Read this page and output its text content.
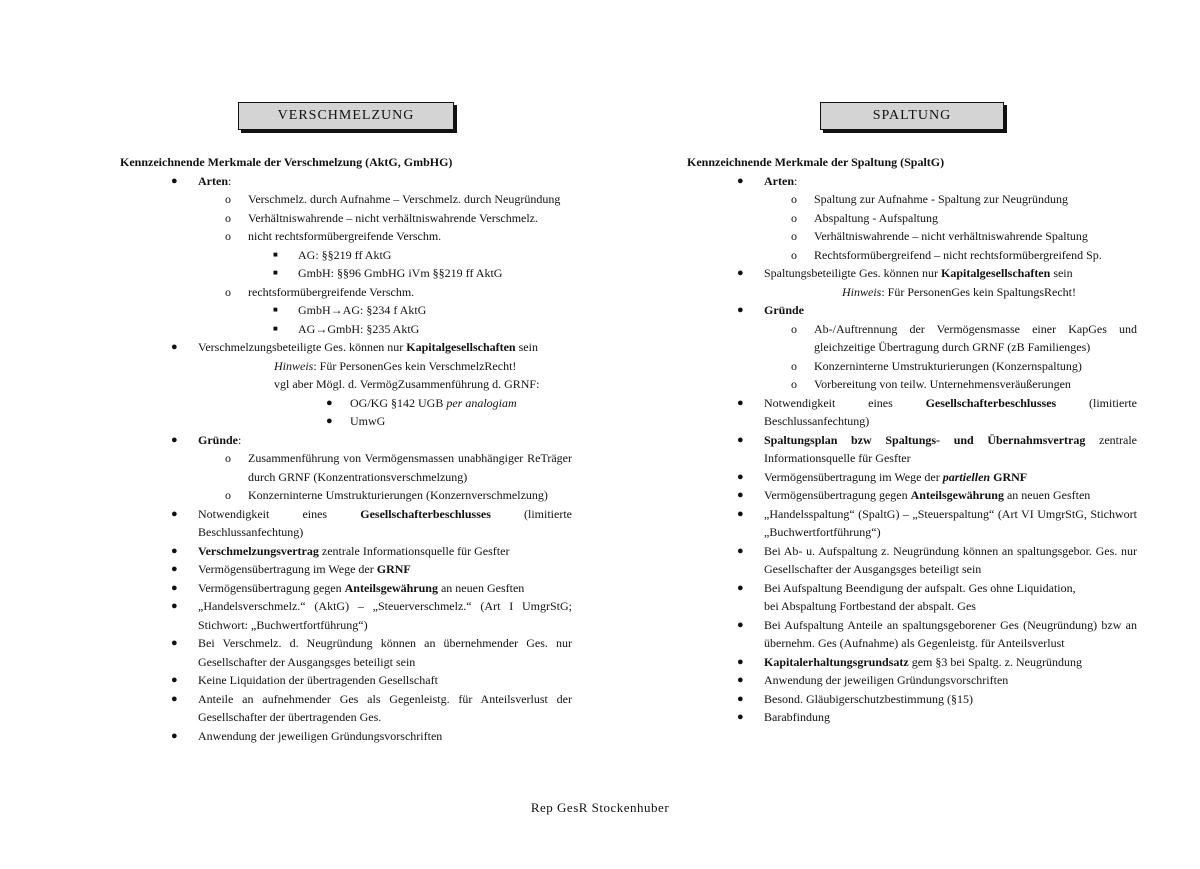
VERSCHMELZUNG	SPALTUNG
Kennzeichnende Merkmale der Verschmelzung (AktG, GmbHG)
● Arten:
o Verschmelz. durch Aufnahme – Verschmelz. durch Neugründung
o Verhältniswahrende – nicht verhältniswahrende Verschmelz.
o nicht rechtsformübergreifende Verschm.
■ AG: §§219 ff AktG
■ GmbH: §§96 GmbHG iVm §§219 ff AktG
o rechtsformübergreifende Verschm.
■ GmbH→AG: §234 f AktG
■ AG→GmbH: §235 AktG
● Verschmelzungsbeteiligte Ges. können nur Kapitalgesellschaften sein
Hinweis: Für PersonenGes kein VerschmelzRecht!
vgl aber Mögl. d. VermögZusammenführung d. GRNF:
● OG/KG §142 UGB per analogiam
● UmwG
● Gründe:
o Zusammenführung von Vermögensmassen unabhängiger ReTräger durch GRNF (Konzentrationsverschmelzung)
o Konzerninterne Umstrukturierungen (Konzernverschmelzung)
● Notwendigkeit eines Gesellschafterbeschlusses (limitierte Beschlussanfechtung)
● Verschmelzungsvertrag zentrale Informationsquelle für Gesfter
● Vermögensübertragung im Wege der GRNF
● Vermögensübertragung gegen Anteilsgewährung an neuen Gesften
● „Handelsverschmelz.“ (AktG) – „Steuerverschmelz.“ (Art I UmgrStG; Stichwort: „Buchwertfortführung“)
● Bei Verschmelz. d. Neugründung können an übernehmender Ges. nur Gesellschafter der Ausgangsges beteiligt sein
● Keine Liquidation der übertragenden Gesellschaft
● Anteile an aufnehmender Ges als Gegenleistg. für Anteilsverlust der Gesellschafter der übertragenden Ges.
● Anwendung der jeweiligen Gründungsvorschriften
Kennzeichnende Merkmale der Spaltung (SpaltG)
● Arten:
o Spaltung zur Aufnahme - Spaltung zur Neugründung
o Abspaltung - Aufspaltung
o Verhältniswahrende – nicht verhältniswahrende Spaltung
o Rechtsformübergreifend – nicht rechtsformübergreifend Sp.
● Spaltungsbeteiligte Ges. können nur Kapitalgesellschaften sein
Hinweis: Für PersonenGes kein SpaltungsRecht!
● Gründe
o Ab-/Auftrennung der Vermögensmasse einer KapGes und gleichzeitige Übertragung durch GRNF (zB Familienges)
o Konzerninterne Umstrukturierungen (Konzernspaltung)
o Vorbereitung von teilw. Unternehmensveräußerungen
● Notwendigkeit eines Gesellschafterbeschlusses (limitierte Beschlussanfechtung)
● Spaltungsplan bzw Spaltungs- und Übernahmsvertrag zentrale Informationsquelle für Gesfter
● Vermögensübertragung im Wege der partiellen GRNF
● Vermögensübertragung gegen Anteilsgewährung an neuen Gesften
● „Handelsspaltung“ (SpaltG) – „Steuerspaltung“ (Art VI UmgrStG, Stichwort „Buchwertfortführung“)
● Bei Ab- u. Aufspaltung z. Neugründung können an spaltungsgebor. Ges. nur Gesellschafter der Ausgangsges beteiligt sein
● Bei Aufspaltung Beendigung der aufspalt. Ges ohne Liquidation,
bei Abspaltung Fortbestand der abspalt. Ges
● Bei Aufspaltung Anteile an spaltungsgeborener Ges (Neugründung) bzw an übernehm. Ges (Aufnahme) als Gegenleistg. für Anteilsverlust
● Kapitalerhaltungsgrundsatz gem §3 bei Spaltg. z. Neugründung
● Anwendung der jeweiligen Gründungsvorschriften
● Besond. Gläubigerschutzbestimmung (§15)
● Barabfindung
Rep GesR Stockenhuber
